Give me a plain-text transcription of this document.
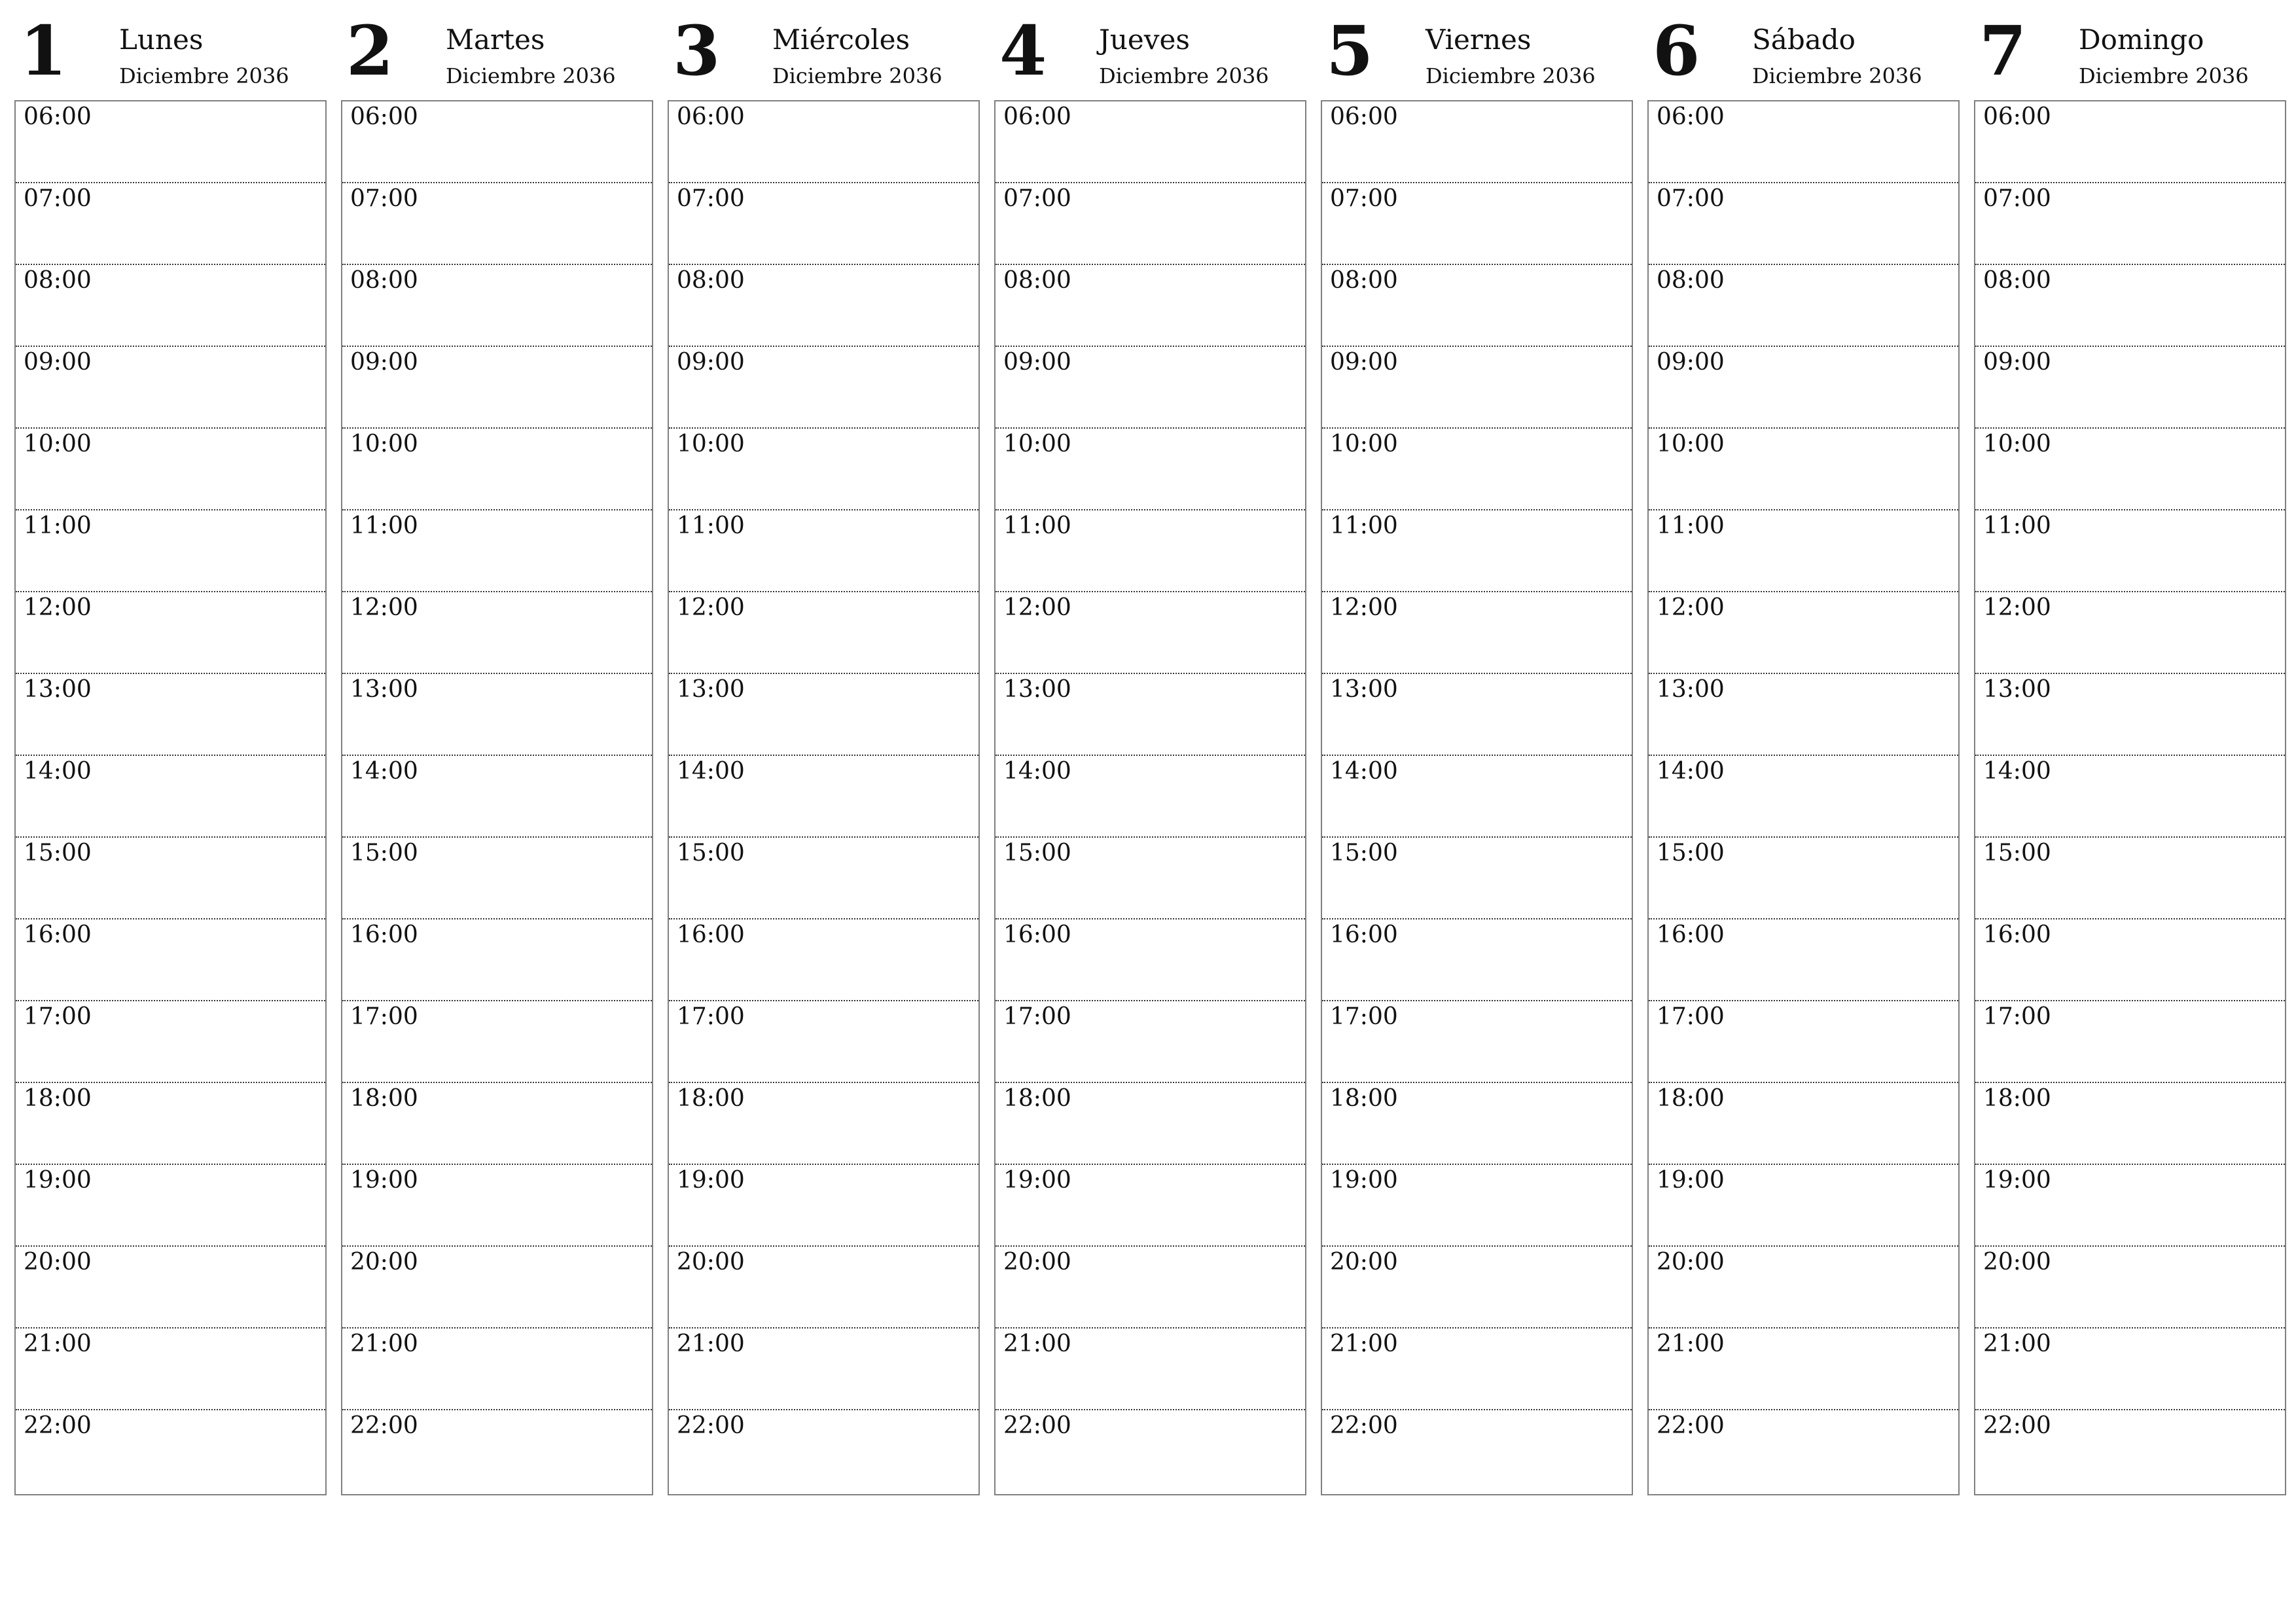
1 Lunes
Diciembre 2036
06:00
07:00
08:00
09:00
10:00
11:00
12:00
13:00
14:00
15:00
16:00
17:00
18:00
19:00
20:00
21:00
22:00
2 Martes
Diciembre 2036
06:00
07:00
08:00
09:00
10:00
11:00
12:00
13:00
14:00
15:00
16:00
17:00
18:00
19:00
20:00
21:00
22:00
3 Miércoles
Diciembre 2036
06:00
07:00
08:00
09:00
10:00
11:00
12:00
13:00
14:00
15:00
16:00
17:00
18:00
19:00
20:00
21:00
22:00
4 Jueves
Diciembre 2036
06:00
07:00
08:00
09:00
10:00
11:00
12:00
13:00
14:00
15:00
16:00
17:00
18:00
19:00
20:00
21:00
22:00
5 Viernes
Diciembre 2036
06:00
07:00
08:00
09:00
10:00
11:00
12:00
13:00
14:00
15:00
16:00
17:00
18:00
19:00
20:00
21:00
22:00
6 Sábado
Diciembre 2036
06:00
07:00
08:00
09:00
10:00
11:00
12:00
13:00
14:00
15:00
16:00
17:00
18:00
19:00
20:00
21:00
22:00
7 Domingo
Diciembre 2036
06:00
07:00
08:00
09:00
10:00
11:00
12:00
13:00
14:00
15:00
16:00
17:00
18:00
19:00
20:00
21:00
22:00
